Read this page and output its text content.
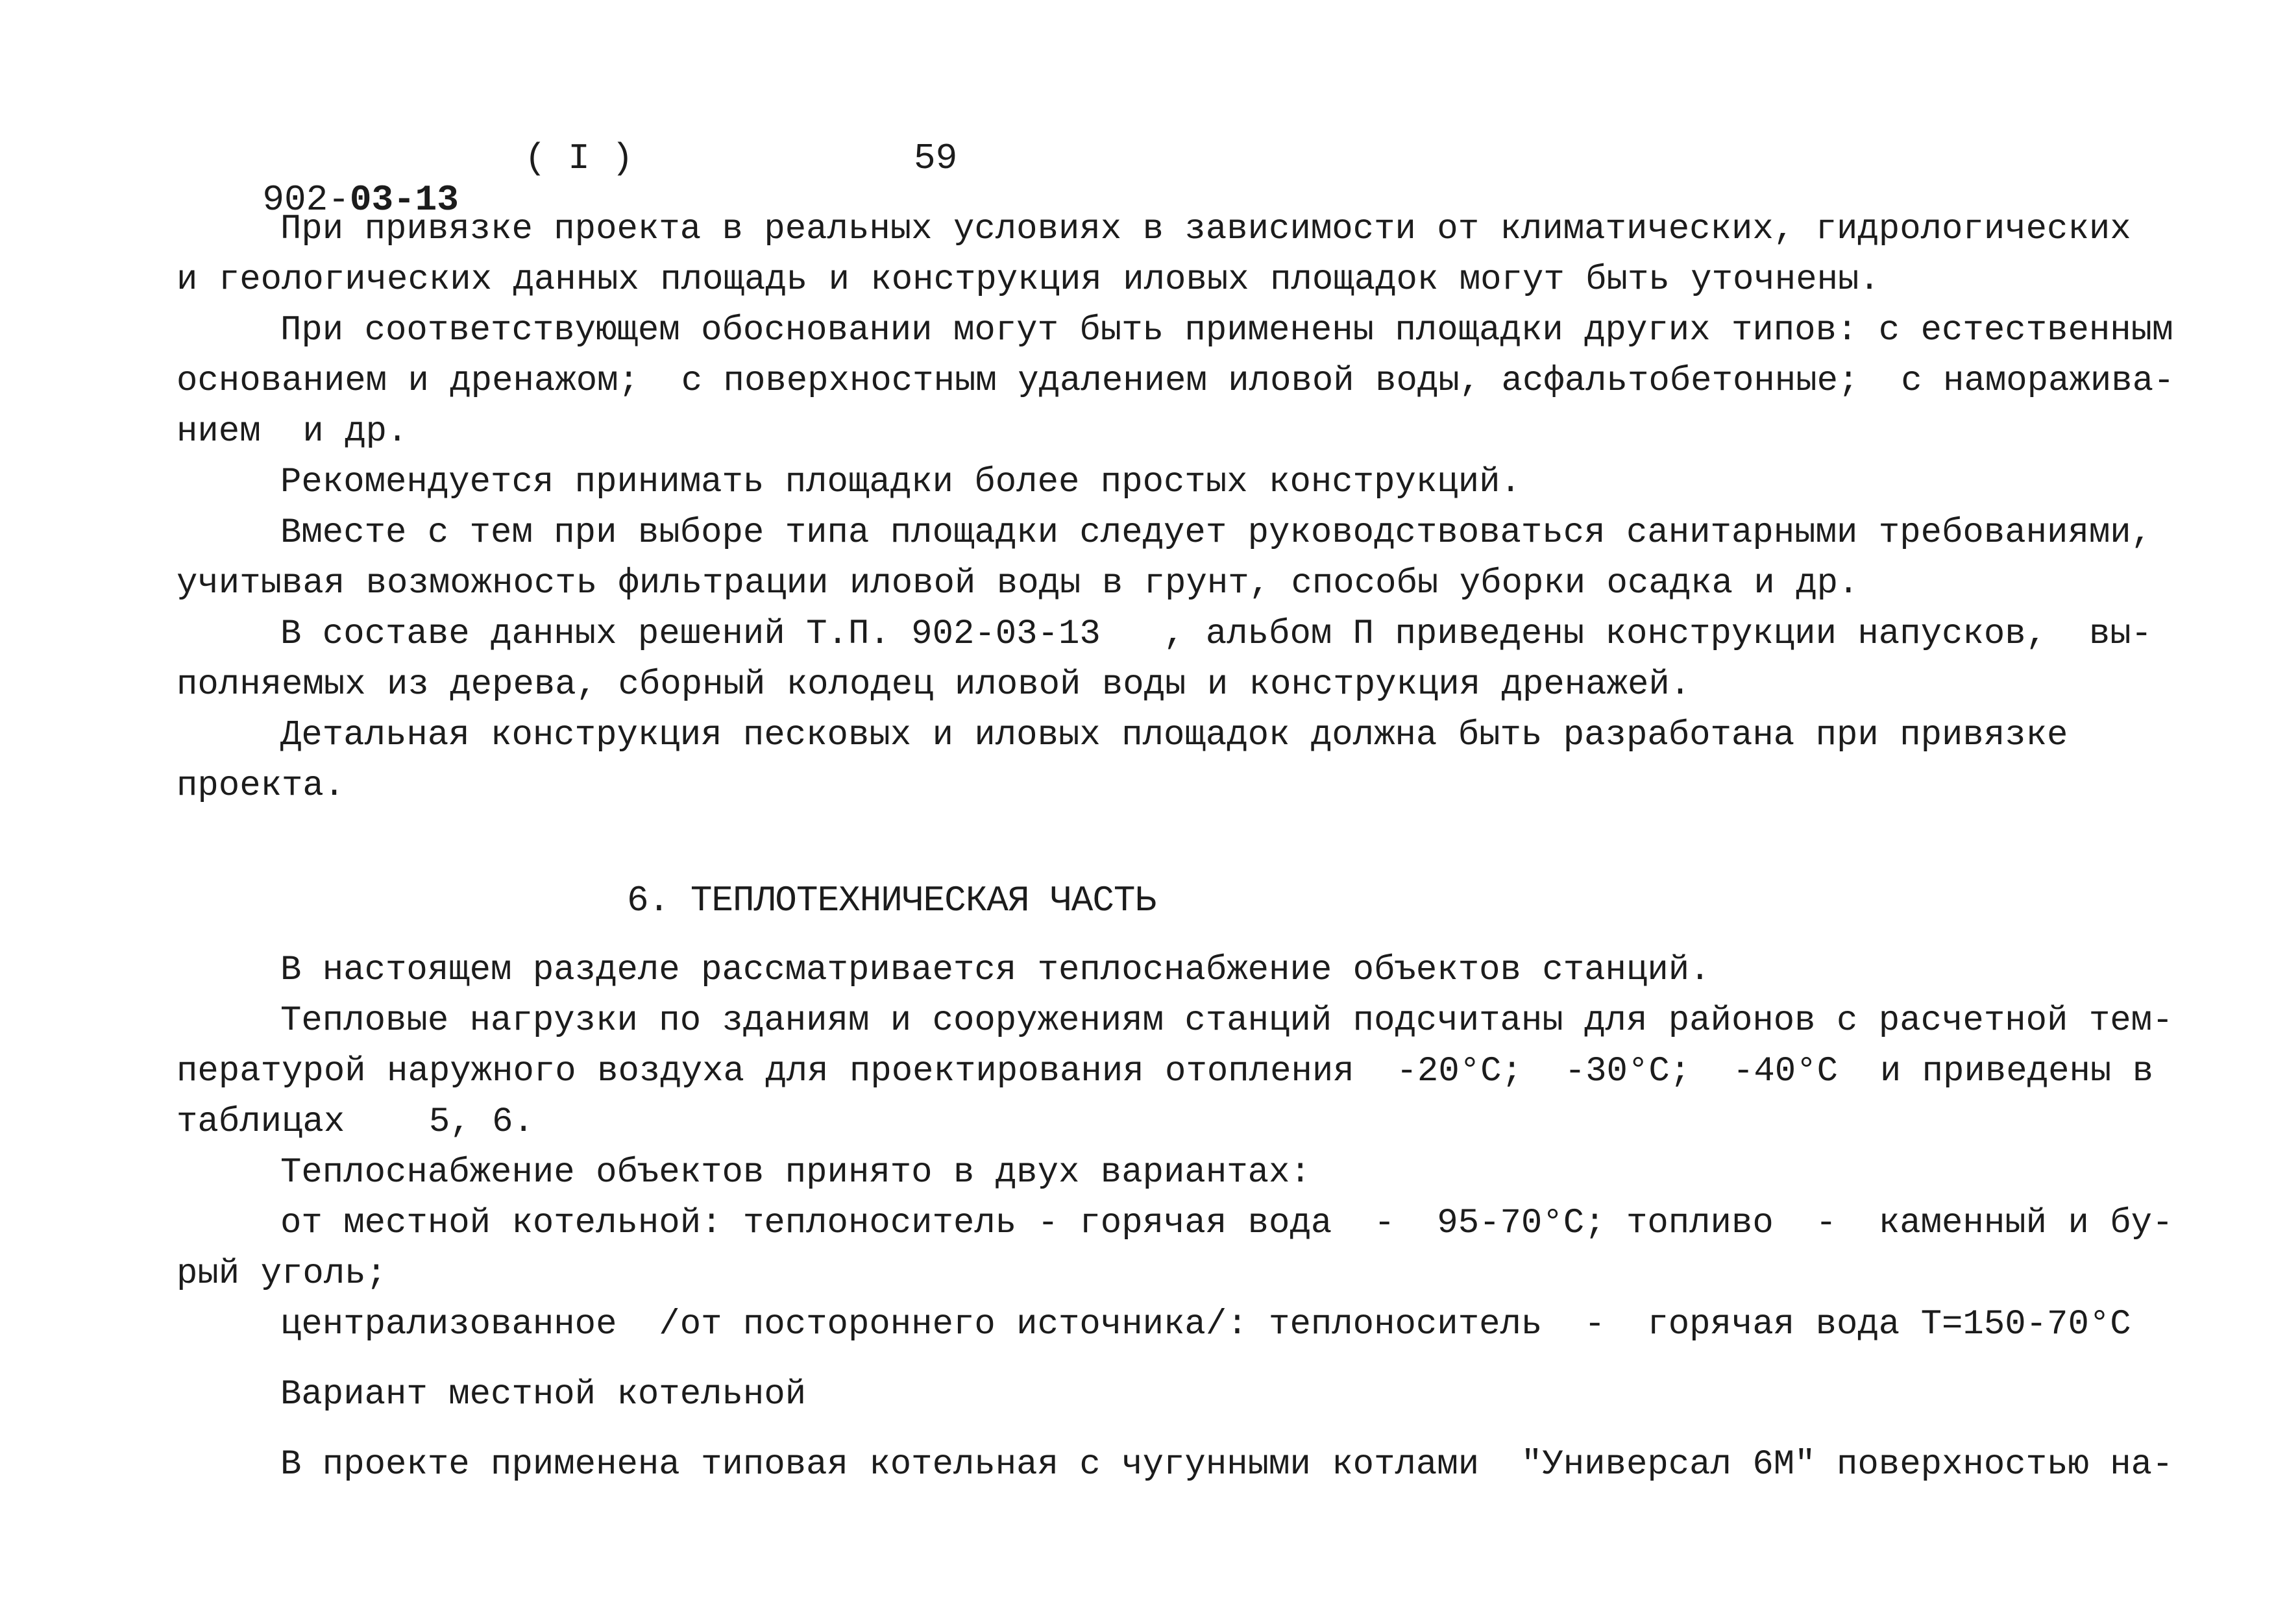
902-03-13

( I )	59
При привязке проекта в реальных условиях в зависимости от климатических, гидрологических
и геологических данных площадь и конструкция иловых площадок могут быть уточнены.
При соответствующем обосновании могут быть применены площадки других типов: с естественным
основанием и дренажом;  с поверхностным удалением иловой воды, асфальтобетонные;  с наморажива-
нием  и др.
Рекомендуется принимать площадки более простых конструкций.
Вместе с тем при выборе типа площадки следует руководствоваться санитарными требованиями,
учитывая возможность фильтрации иловой воды в грунт, способы уборки осадка и др.
В составе данных решений Т.П. 902-03-13   , альбом П приведены конструкции напусков,  вы-
полняемых из дерева, сборный колодец иловой воды и конструкция дренажей.
Детальная конструкция песковых и иловых площадок должна быть разработана при привязке
проекта.
6. ТЕПЛОТЕХНИЧЕСКАЯ ЧАСТЬ
В настоящем разделе рассматривается теплоснабжение объектов станций.
Тепловые нагрузки по зданиям и сооружениям станций подсчитаны для районов с расчетной тем-
пературой наружного воздуха для проектирования отопления  -20°С;  -30°С;  -40°С  и приведены в
таблицах    5, 6.
Теплоснабжение объектов принято в двух вариантах:
от местной котельной: теплоноситель - горячая вода  -  95-70°С; топливо  -  каменный и бу-
рый уголь;
централизованное  /от постороннего источника/: теплоноситель  -  горячая вода Т=150-70°С
Вариант местной котельной
В проекте применена типовая котельная с чугунными котлами  "Универсал 6М" поверхностью на-
